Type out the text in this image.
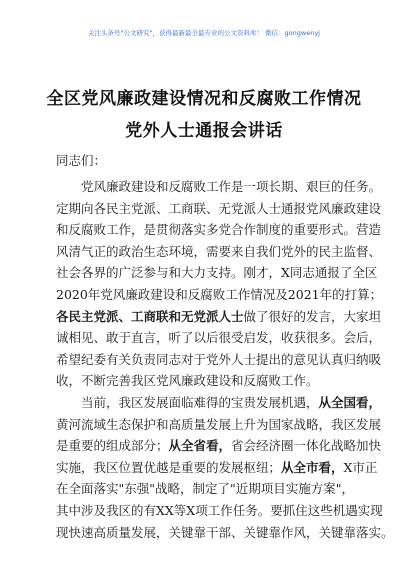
关注头条号"公文研究"，获得最新最全最专业的公文资料库！ 微信：gongwenyj
全区党风廉政建设情况和反腐败工作情况
党外人士通报会讲话
同志们：
　　党风廉政建设和反腐败工作是一项长期、艰巨的任务。
定期向各民主党派、工商联、无党派人士通报党风廉政建设
和反腐败工作，是贯彻落实多党合作制度的重要形式。营造
风清气正的政治生态环境，需要来自我们党外的民主监督、
社会各界的广泛参与和大力支持。刚才，X同志通报了全区
2020年党风廉政建设和反腐败工作情况及2021年的打算；
各民主党派、工商联和无党派人士做了很好的发言，大家坦
诚相见、敢于直言，听了以后很受启发，收获很多。会后，
希望纪委有关负责同志对于党外人士提出的意见认真归纳吸
收，不断完善我区党风廉政建设和反腐败工作。
　　当前，我区发展面临难得的宝贵发展机遇，从全国看，
黄河流域生态保护和高质量发展上升为国家战略，我区发展
是重要的组成部分；从全省看，省会经济圈一体化战略加快
实施，我区位置优越是重要的发展枢纽；从全市看，X市正
在全面落实"东强"战略，制定了"近期项目实施方案"，
其中涉及我区的有XX等X项工作任务。要抓住这些机遇实现
现快速高质量发展，关键靠干部、关键靠作风，关键靠落实。
